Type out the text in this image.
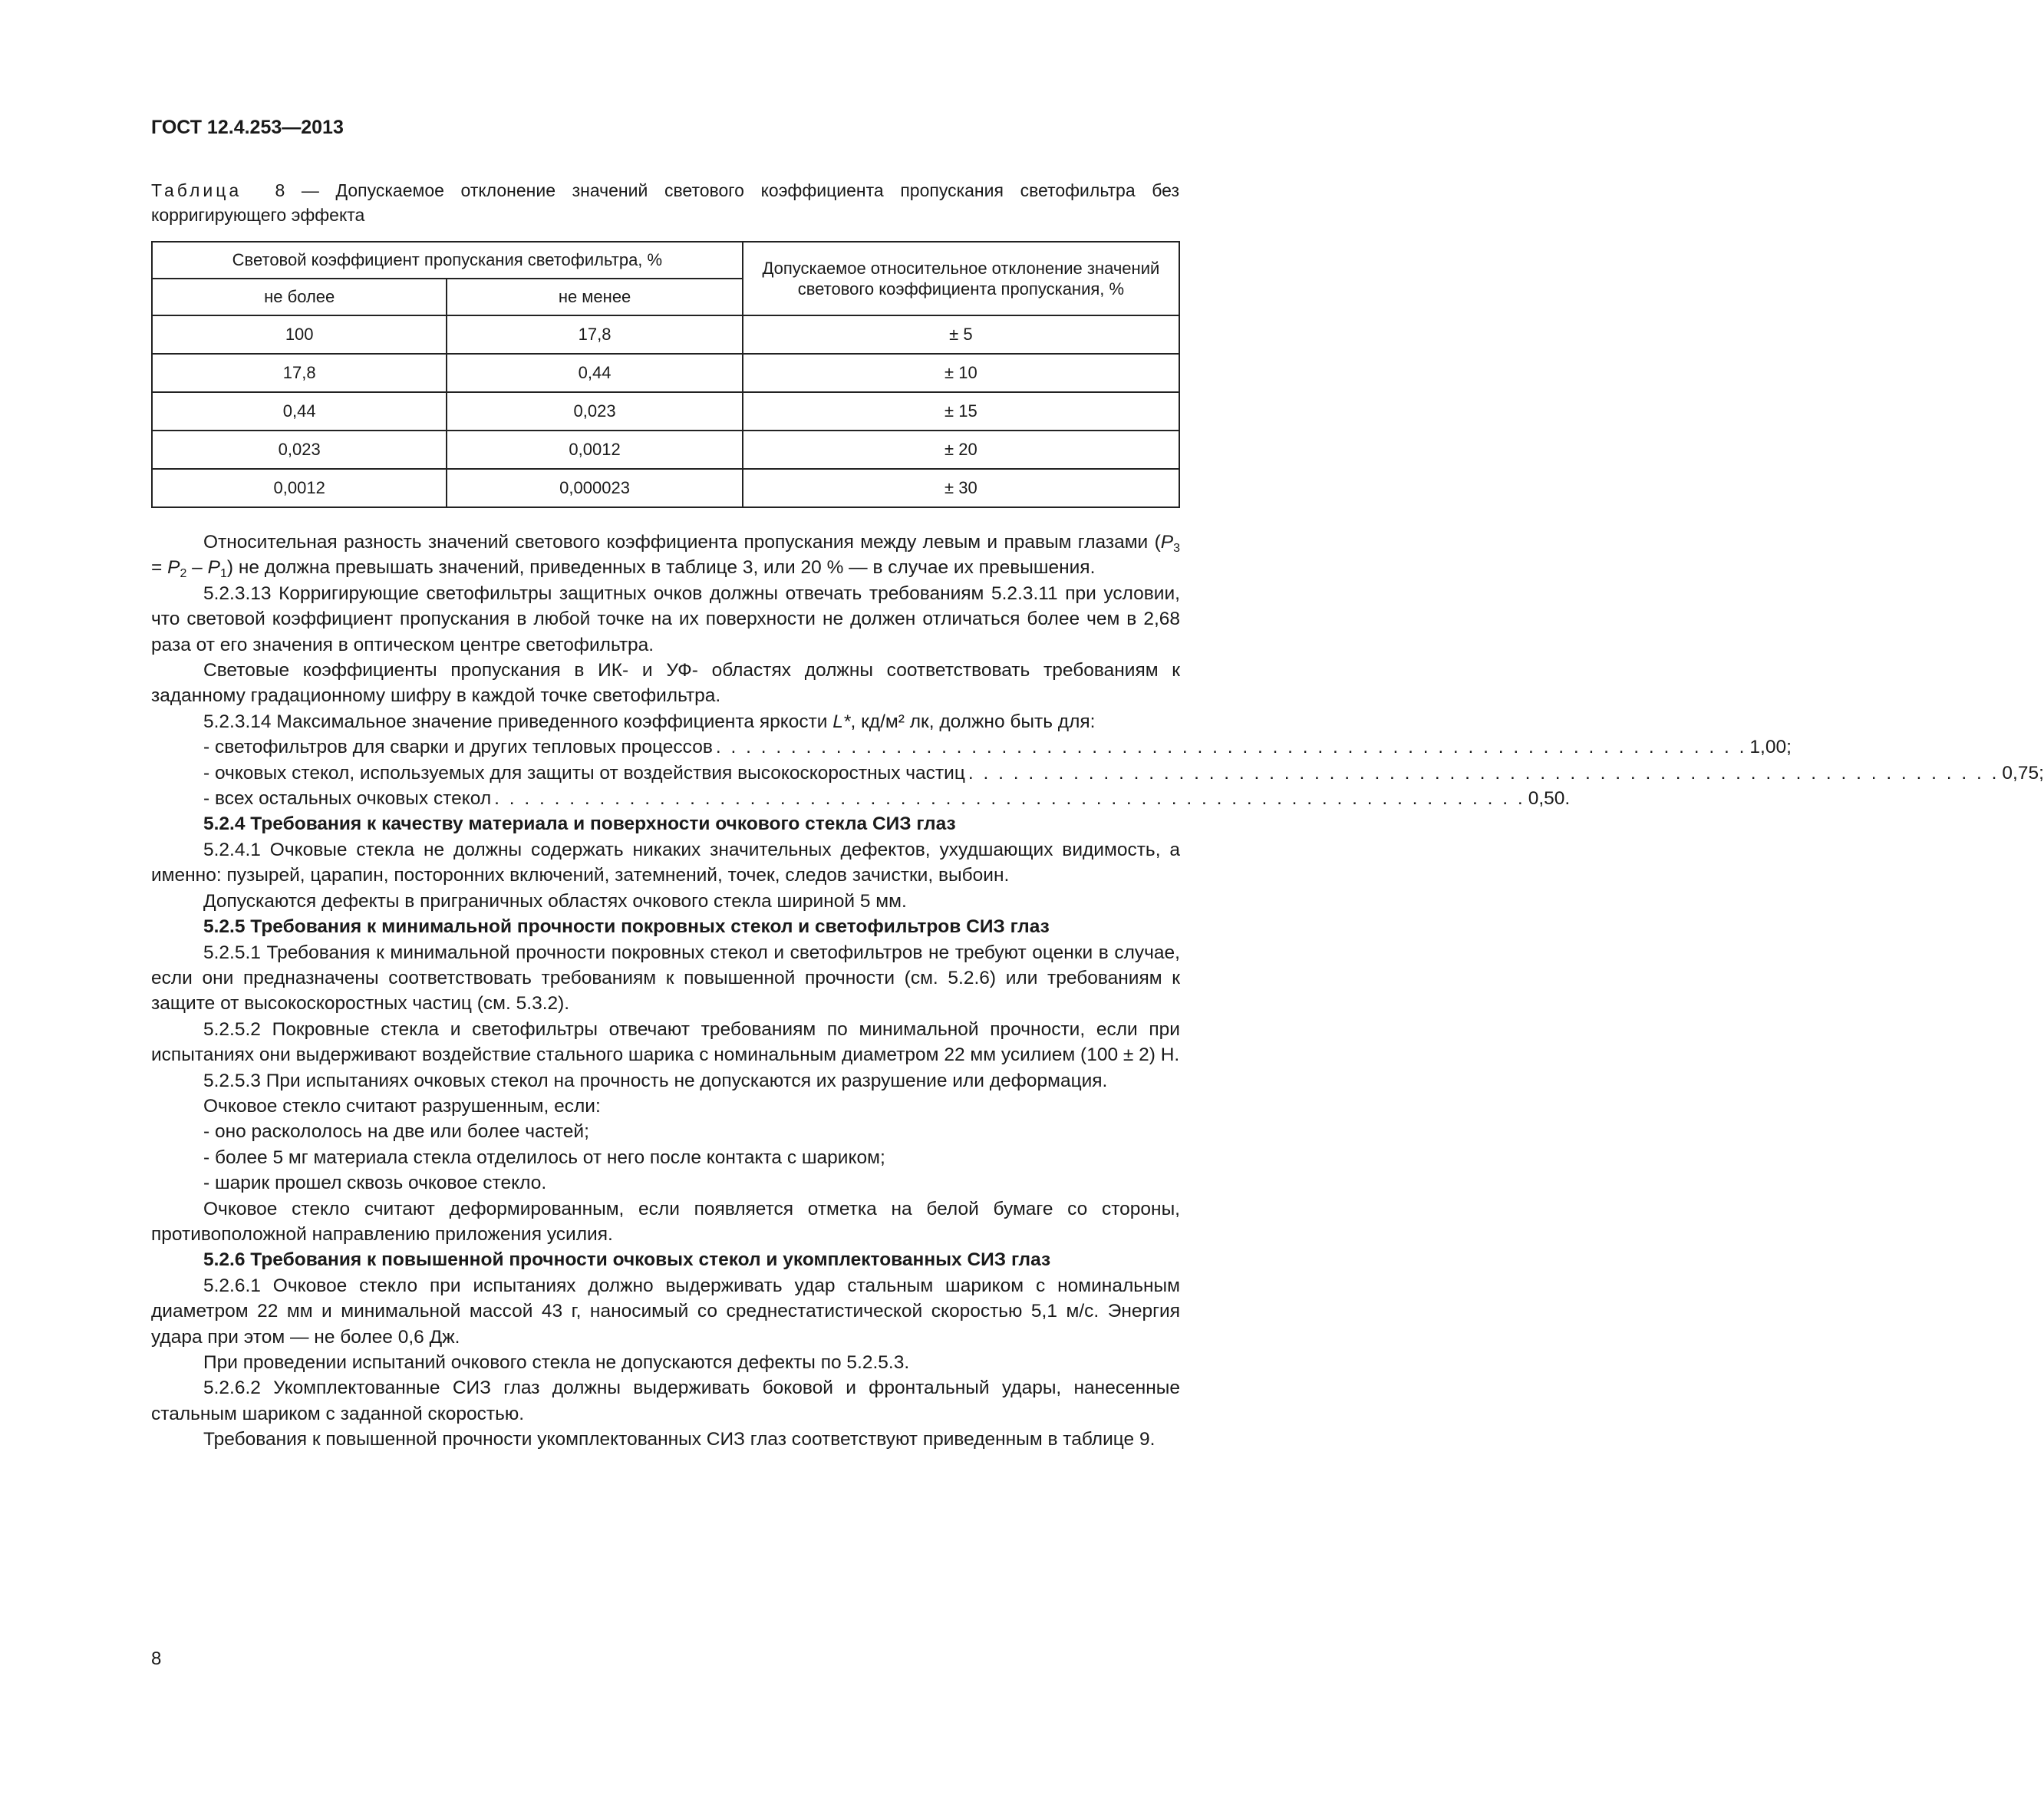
ГОСТ 12.4.253—2013
Таблица 8 — Допускаемое отклонение значений светового коэффициента пропускания светофильтра без корригирующего эффекта
Световой коэффициент пропускания светофильтра, %		Допускаемое относительное отклонение значений светового коэффициента пропускания, %
не более	не менее	
100	17,8	± 5
17,8	0,44	± 10
0,44	0,023	± 15
0,023	0,0012	± 20
0,0012	0,000023	± 30

Относительная разность значений светового коэффициента пропускания между левым и правым глазами $(P_3 = P_2 - P_1)$ не должна превышать значений, приведенных в таблице 3, или 20 % — в случае их превышения.

5.2.3.13 Корригирующие светофильтры защитных очков должны отвечать требованиям 5.2.3.11 при условии, что световой коэффициент пропускания в любой точке на их поверхности не должен отличаться более чем в 2,68 раза от его значения в оптическом центре светофильтра.

Световые коэффициенты пропускания в ИК- и УФ- областях должны соответствовать требованиям к заданному градационному шифру в каждой точке светофильтра.

5.2.3.14 Максимальное значение приведенного коэффициента яркости L*, кд/м² лк, должно быть для:

- светофильтров для сварки и других тепловых процессов . . . . . . . . . . . . . . . . . . . . . . . . . . . . . . . . . . . . . . . . . . . . . . . . . . . . . . . . . . . . . . . . . . . . . 1,00;
- очковых стекол, используемых для защиты от воздействия высокоскоростных частиц . . . . . . . . . . . . . . . . . . . . . . . . . . . . . . . . . . . . . . . . . . . . . . . . . . . . . . . . . . . . . . . . . . . . . 0,75;
- всех остальных очковых стекол . . . . . . . . . . . . . . . . . . . . . . . . . . . . . . . . . . . . . . . . . . . . . . . . . . . . . . . . . . . . . . . . . . . . . 0,50.

5.2.4 Требования к качеству материала и поверхности очкового стекла СИЗ глаз

5.2.4.1 Очковые стекла не должны содержать никаких значительных дефектов, ухудшающих видимость, а именно: пузырей, царапин, посторонних включений, затемнений, точек, следов зачистки, выбоин.

Допускаются дефекты в приграничных областях очкового стекла шириной 5 мм.

5.2.5 Требования к минимальной прочности покровных стекол и светофильтров СИЗ глаз

5.2.5.1 Требования к минимальной прочности покровных стекол и светофильтров не требуют оценки в случае, если они предназначены соответствовать требованиям к повышенной прочности (см. 5.2.6) или требованиям к защите от высокоскоростных частиц (см. 5.3.2).

5.2.5.2 Покровные стекла и светофильтры отвечают требованиям по минимальной прочности, если при испытаниях они выдерживают воздействие стального шарика с номинальным диаметром 22 мм усилием (100 ± 2) Н.

5.2.5.3 При испытаниях очковых стекол на прочность не допускаются их разрушение или деформация.

Очковое стекло считают разрушенным, если:

- оно раскололось на две или более частей;

- более 5 мг материала стекла отделилось от него после контакта с шариком;

- шарик прошел сквозь очковое стекло.

Очковое стекло считают деформированным, если появляется отметка на белой бумаге со стороны, противоположной направлению приложения усилия.

5.2.6 Требования к повышенной прочности очковых стекол и укомплектованных СИЗ глаз

5.2.6.1 Очковое стекло при испытаниях должно выдерживать удар стальным шариком с номинальным диаметром 22 мм и минимальной массой 43 г, наносимый со среднестатистической скоростью 5,1 м/с. Энергия удара при этом — не более 0,6 Дж.

При проведении испытаний очкового стекла не допускаются дефекты по 5.2.5.3.

5.2.6.2 Укомплектованные СИЗ глаз должны выдерживать боковой и фронтальный удары, нанесенные стальным шариком с заданной скоростью.

Требования к повышенной прочности укомплектованных СИЗ глаз соответствуют приведенным в таблице 9.

8
